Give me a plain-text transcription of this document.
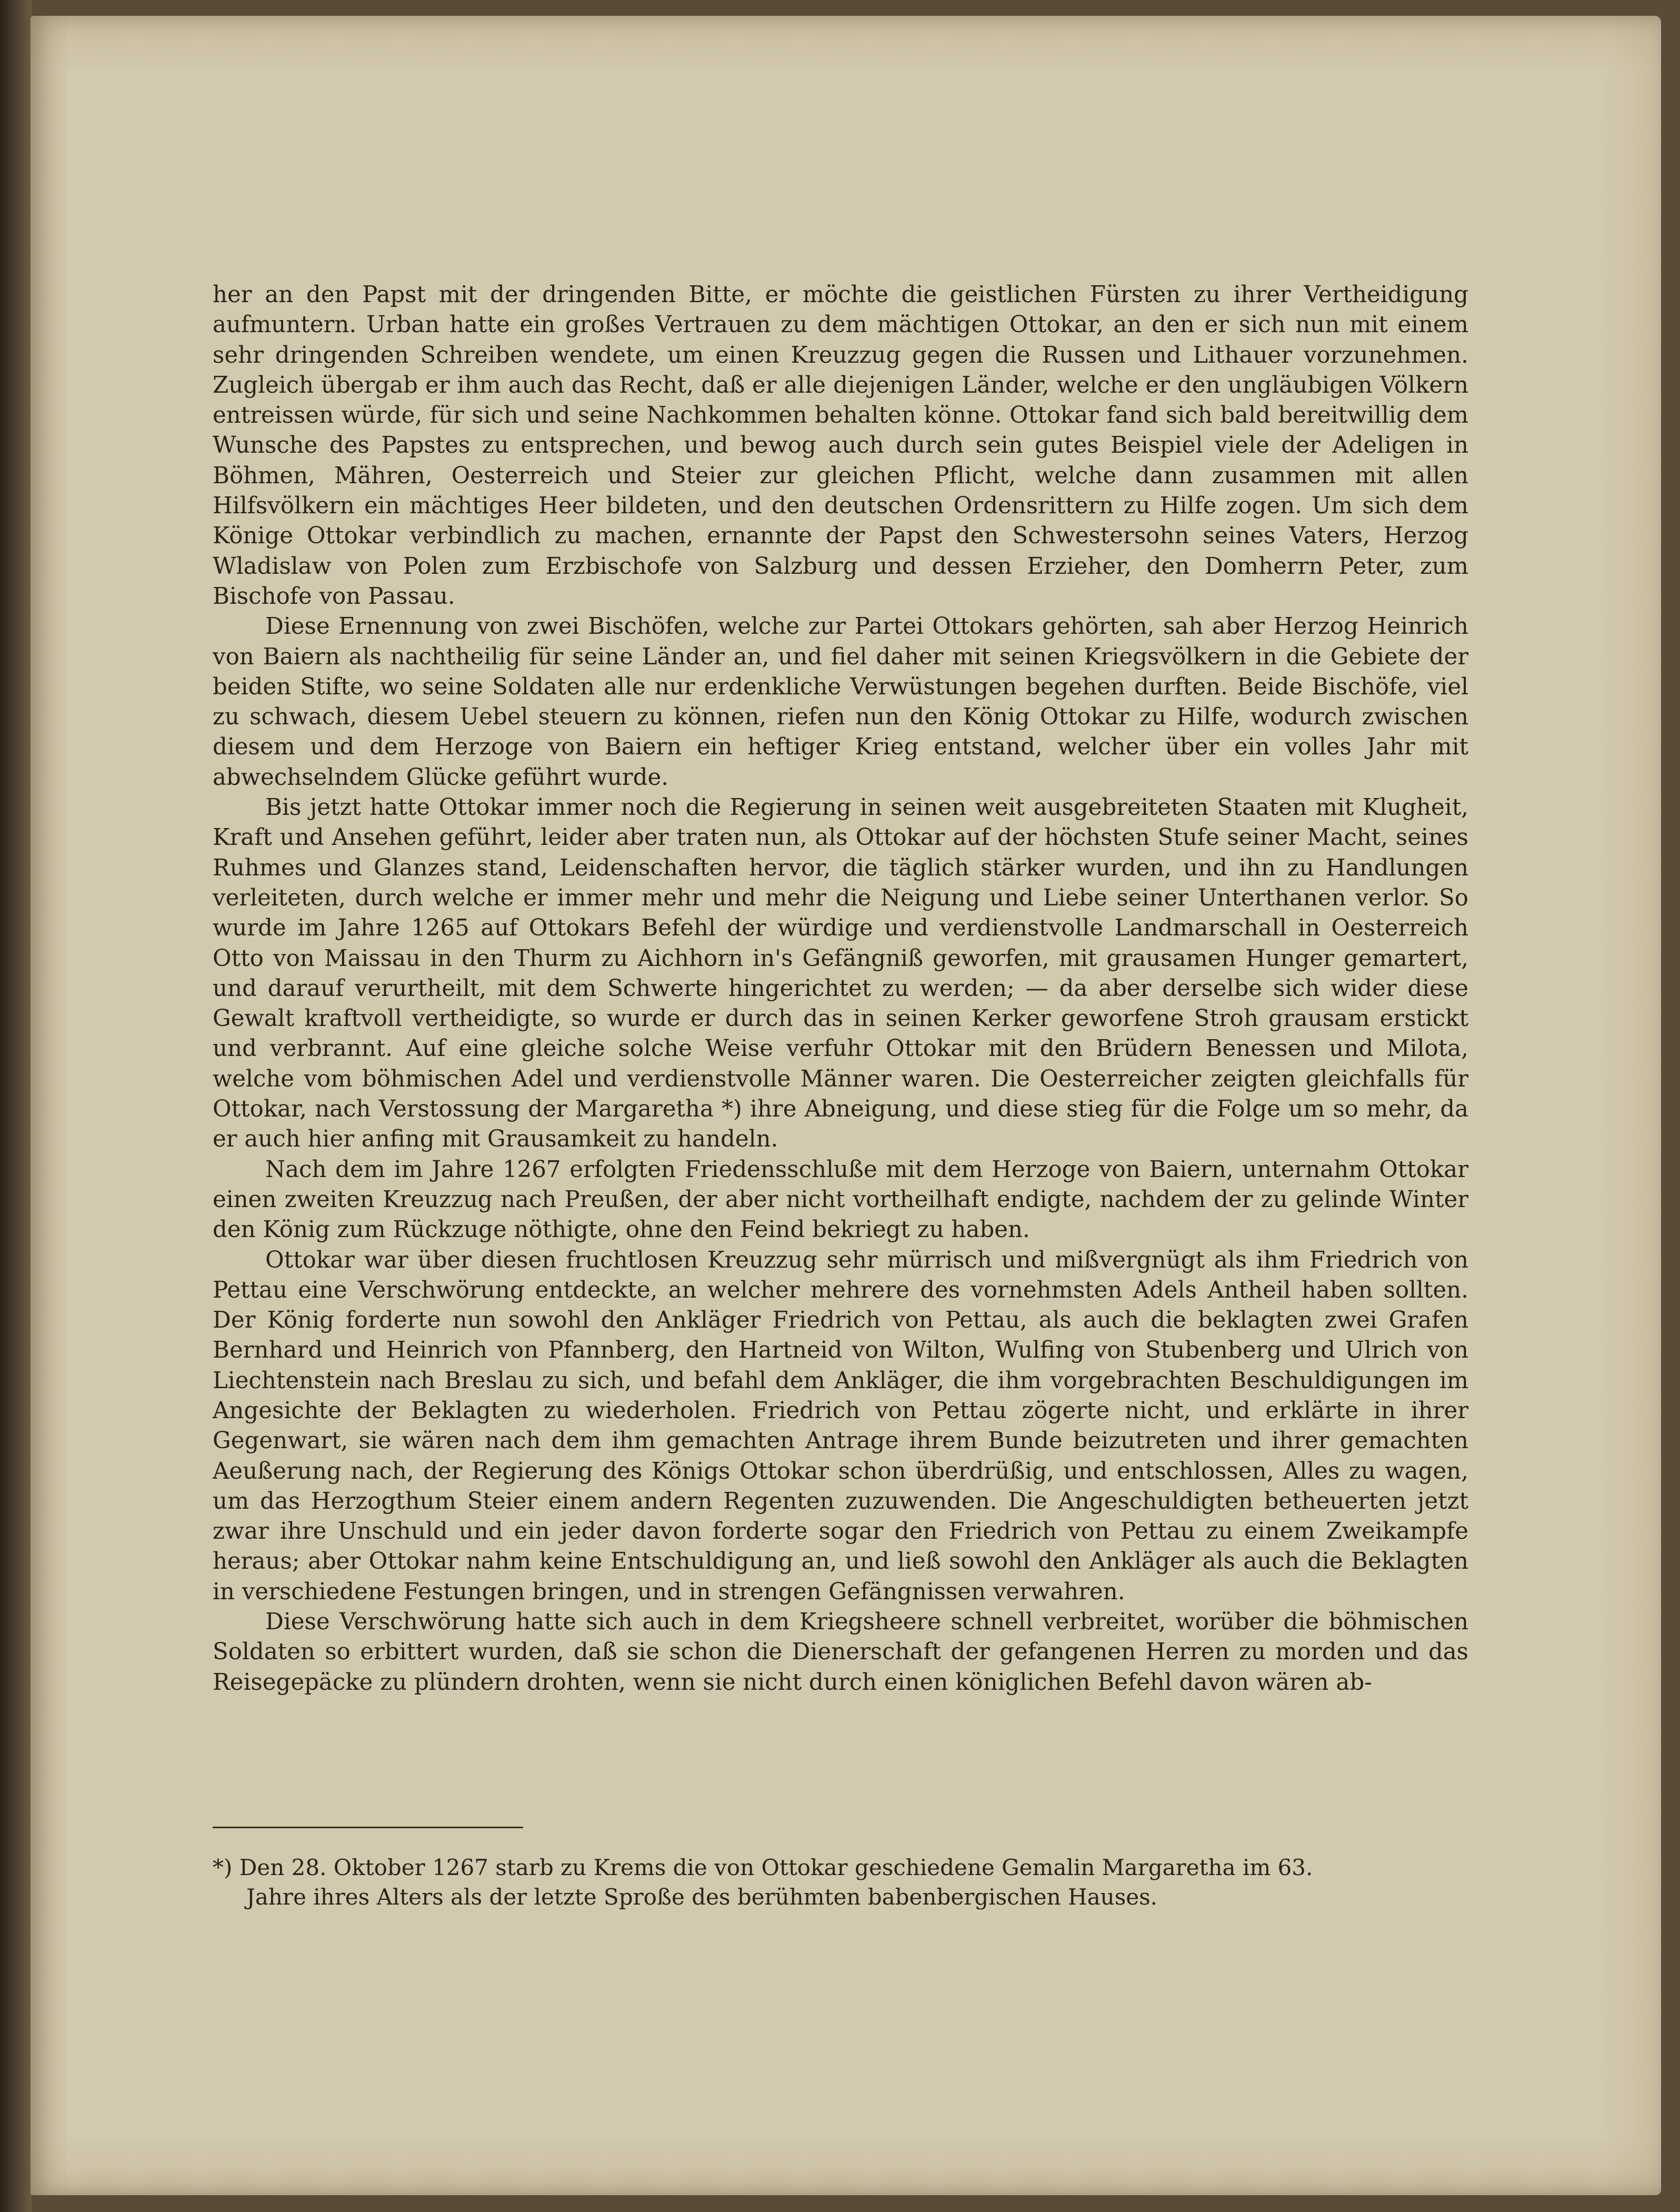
her an den Papst mit der dringenden Bitte, er möchte die geistlichen Fürsten zu ihrer Vertheidigung aufmuntern. Urban hatte ein großes Vertrauen zu dem mächtigen Ottokar, an den er sich nun mit einem sehr dringenden Schreiben wendete, um einen Kreuzzug gegen die Russen und Lithauer vorzunehmen. Zugleich übergab er ihm auch das Recht, daß er alle diejenigen Länder, welche er den ungläubigen Völkern entreissen würde, für sich und seine Nachkommen behalten könne. Ottokar fand sich bald bereitwillig dem Wunsche des Papstes zu entsprechen, und bewog auch durch sein gutes Beispiel viele der Adeligen in Böhmen, Mähren, Oesterreich und Steier zur gleichen Pflicht, welche dann zusammen mit allen Hilfsvölkern ein mächtiges Heer bildeten, und den deutschen Ordensrittern zu Hilfe zogen. Um sich dem Könige Ottokar verbindlich zu machen, ernannte der Papst den Schwestersohn seines Vaters, Herzog Wladislaw von Polen zum Erzbischofe von Salzburg und dessen Erzieher, den Domherrn Peter, zum Bischofe von Passau.

Diese Ernennung von zwei Bischöfen, welche zur Partei Ottokars gehörten, sah aber Herzog Heinrich von Baiern als nachtheilig für seine Länder an, und fiel daher mit seinen Kriegsvölkern in die Gebiete der beiden Stifte, wo seine Soldaten alle nur erdenkliche Verwüstungen begehen durften. Beide Bischöfe, viel zu schwach, diesem Uebel steuern zu können, riefen nun den König Ottokar zu Hilfe, wodurch zwischen diesem und dem Herzoge von Baiern ein heftiger Krieg entstand, welcher über ein volles Jahr mit abwechselndem Glücke geführt wurde.

Bis jetzt hatte Ottokar immer noch die Regierung in seinen weit ausgebreiteten Staaten mit Klugheit, Kraft und Ansehen geführt, leider aber traten nun, als Ottokar auf der höchsten Stufe seiner Macht, seines Ruhmes und Glanzes stand, Leidenschaften hervor, die täglich stärker wurden, und ihn zu Handlungen verleiteten, durch welche er immer mehr und mehr die Neigung und Liebe seiner Unterthanen verlor. So wurde im Jahre 1265 auf Ottokars Befehl der würdige und verdienstvolle Landmarschall in Oesterreich Otto von Maissau in den Thurm zu Aichhorn in's Gefängniß geworfen, mit grausamen Hunger gemartert, und darauf verurtheilt, mit dem Schwerte hingerichtet zu werden; — da aber derselbe sich wider diese Gewalt kraftvoll vertheidigte, so wurde er durch das in seinen Kerker geworfene Stroh grausam erstickt und verbrannt. Auf eine gleiche solche Weise verfuhr Ottokar mit den Brüdern Benessen und Milota, welche vom böhmischen Adel und verdienstvolle Männer waren. Die Oesterreicher zeigten gleichfalls für Ottokar, nach Verstossung der Margaretha *) ihre Abneigung, und diese stieg für die Folge um so mehr, da er auch hier anfing mit Grausamkeit zu handeln.

Nach dem im Jahre 1267 erfolgten Friedensschluße mit dem Herzoge von Baiern, unternahm Ottokar einen zweiten Kreuzzug nach Preußen, der aber nicht vortheilhaft endigte, nachdem der zu gelinde Winter den König zum Rückzuge nöthigte, ohne den Feind bekriegt zu haben.

Ottokar war über diesen fruchtlosen Kreuzzug sehr mürrisch und mißvergnügt als ihm Friedrich von Pettau eine Verschwörung entdeckte, an welcher mehrere des vornehmsten Adels Antheil haben sollten. Der König forderte nun sowohl den Ankläger Friedrich von Pettau, als auch die beklagten zwei Grafen Bernhard und Heinrich von Pfannberg, den Hartneid von Wilton, Wulfing von Stubenberg und Ulrich von Liechtenstein nach Breslau zu sich, und befahl dem Ankläger, die ihm vorgebrachten Beschuldigungen im Angesichte der Beklagten zu wiederholen. Friedrich von Pettau zögerte nicht, und erklärte in ihrer Gegenwart, sie wären nach dem ihm gemachten Antrage ihrem Bunde beizutreten und ihrer gemachten Aeußerung nach, der Regierung des Königs Ottokar schon überdrüßig, und entschlossen, Alles zu wagen, um das Herzogthum Steier einem andern Regenten zuzuwenden. Die Angeschuldigten betheuerten jetzt zwar ihre Unschuld und ein jeder davon forderte sogar den Friedrich von Pettau zu einem Zweikampfe heraus; aber Ottokar nahm keine Entschuldigung an, und ließ sowohl den Ankläger als auch die Beklagten in verschiedene Festungen bringen, und in strengen Gefängnissen verwahren.

Diese Verschwörung hatte sich auch in dem Kriegsheere schnell verbreitet, worüber die böhmischen Soldaten so erbittert wurden, daß sie schon die Dienerschaft der gefangenen Herren zu morden und das Reisegepäcke zu plündern drohten, wenn sie nicht durch einen königlichen Befehl davon wären ab-

*) Den 28. Oktober 1267 starb zu Krems die von Ottokar geschiedene Gemalin Margaretha im 63.

Jahre ihres Alters als der letzte Sproße des berühmten babenbergischen Hauses.
